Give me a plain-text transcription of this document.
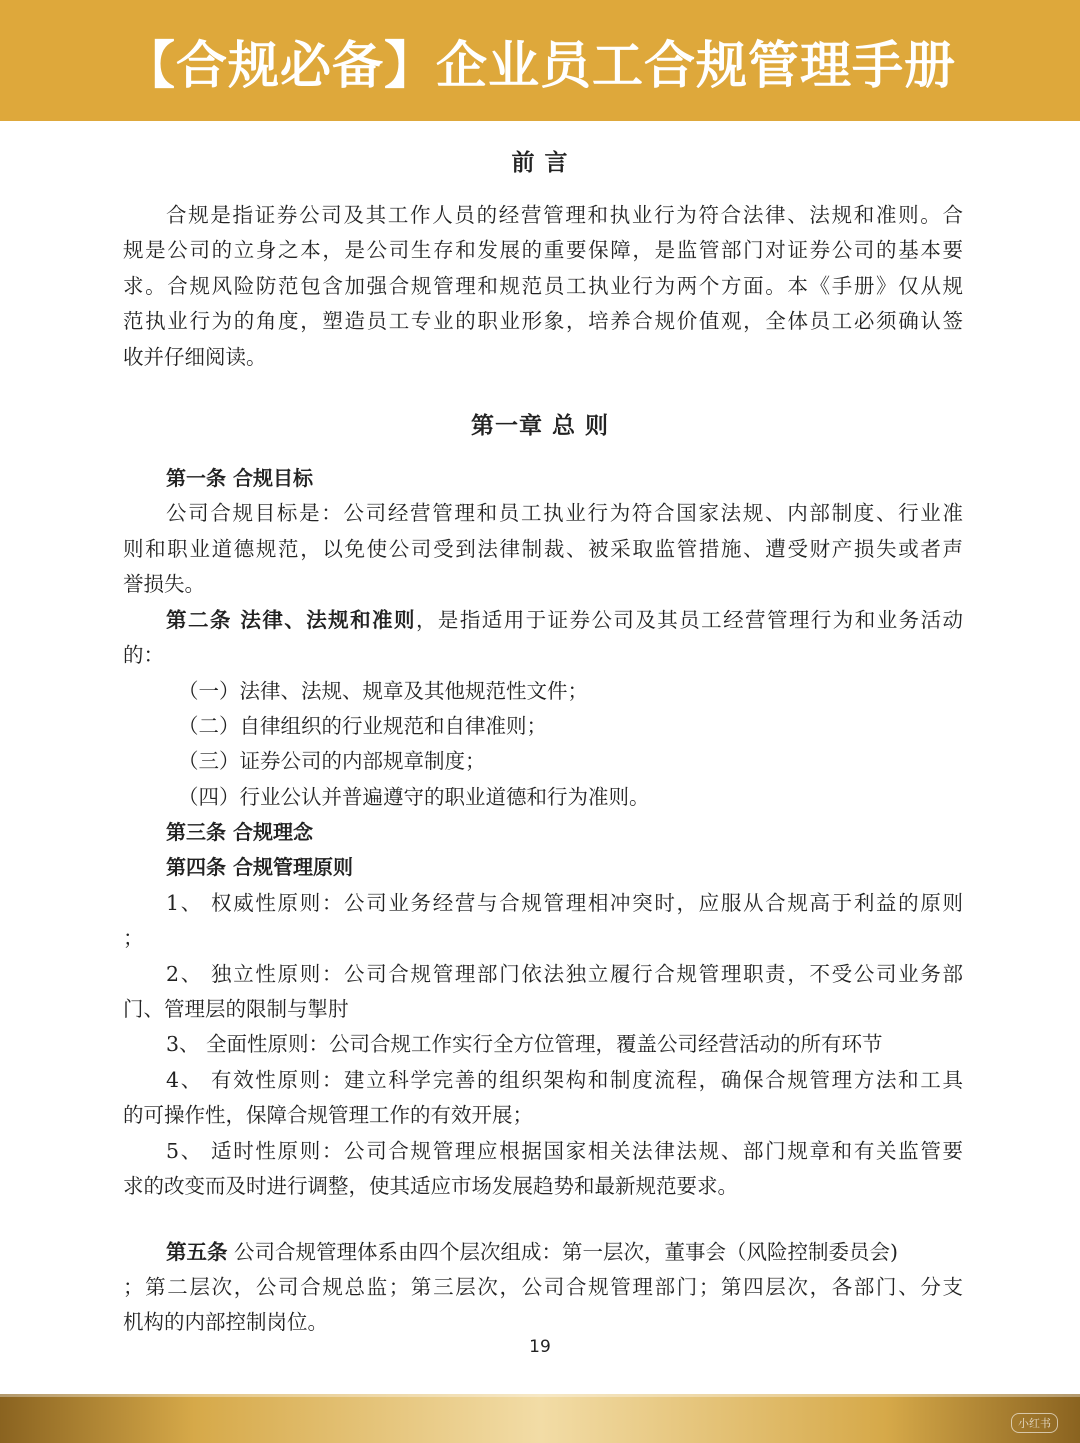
【合规必备】企业员工合规管理手册
前 言
合规是指证券公司及其工作人员的经营管理和执业行为符合法律、法规和准则。合
规是公司的立身之本，是公司生存和发展的重要保障，是监管部门对证券公司的基本要
求。合规风险防范包含加强合规管理和规范员工执业行为两个方面。本《手册》仅从规
范执业行为的角度，塑造员工专业的职业形象，培养合规价值观，全体员工必须确认签
收并仔细阅读。
第一章 总 则
第一条 合规目标
公司合规目标是：公司经营管理和员工执业行为符合国家法规、内部制度、行业准
则和职业道德规范，以免使公司受到法律制裁、被采取监管措施、遭受财产损失或者声
誉损失。
第二条 法律、法规和准则，是指适用于证券公司及其员工经营管理行为和业务活动
的：
（一）法律、法规、规章及其他规范性文件；
（二）自律组织的行业规范和自律准则；
（三）证券公司的内部规章制度；
（四）行业公认并普遍遵守的职业道德和行为准则。
第三条 合规理念
第四条 合规管理原则
1、 权威性原则：公司业务经营与合规管理相冲突时，应服从合规高于利益的原则
；
2、 独立性原则：公司合规管理部门依法独立履行合规管理职责，不受公司业务部
门、管理层的限制与掣肘
3、 全面性原则：公司合规工作实行全方位管理，覆盖公司经营活动的所有环节
4、 有效性原则：建立科学完善的组织架构和制度流程，确保合规管理方法和工具
的可操作性，保障合规管理工作的有效开展；
5、 适时性原则：公司合规管理应根据国家相关法律法规、部门规章和有关监管要
求的改变而及时进行调整，使其适应市场发展趋势和最新规范要求。
第五条 公司合规管理体系由四个层次组成：第一层次，董事会（风险控制委员会)
；第二层次，公司合规总监；第三层次，公司合规管理部门；第四层次，各部门、分支
机构的内部控制岗位。
19
小红书
